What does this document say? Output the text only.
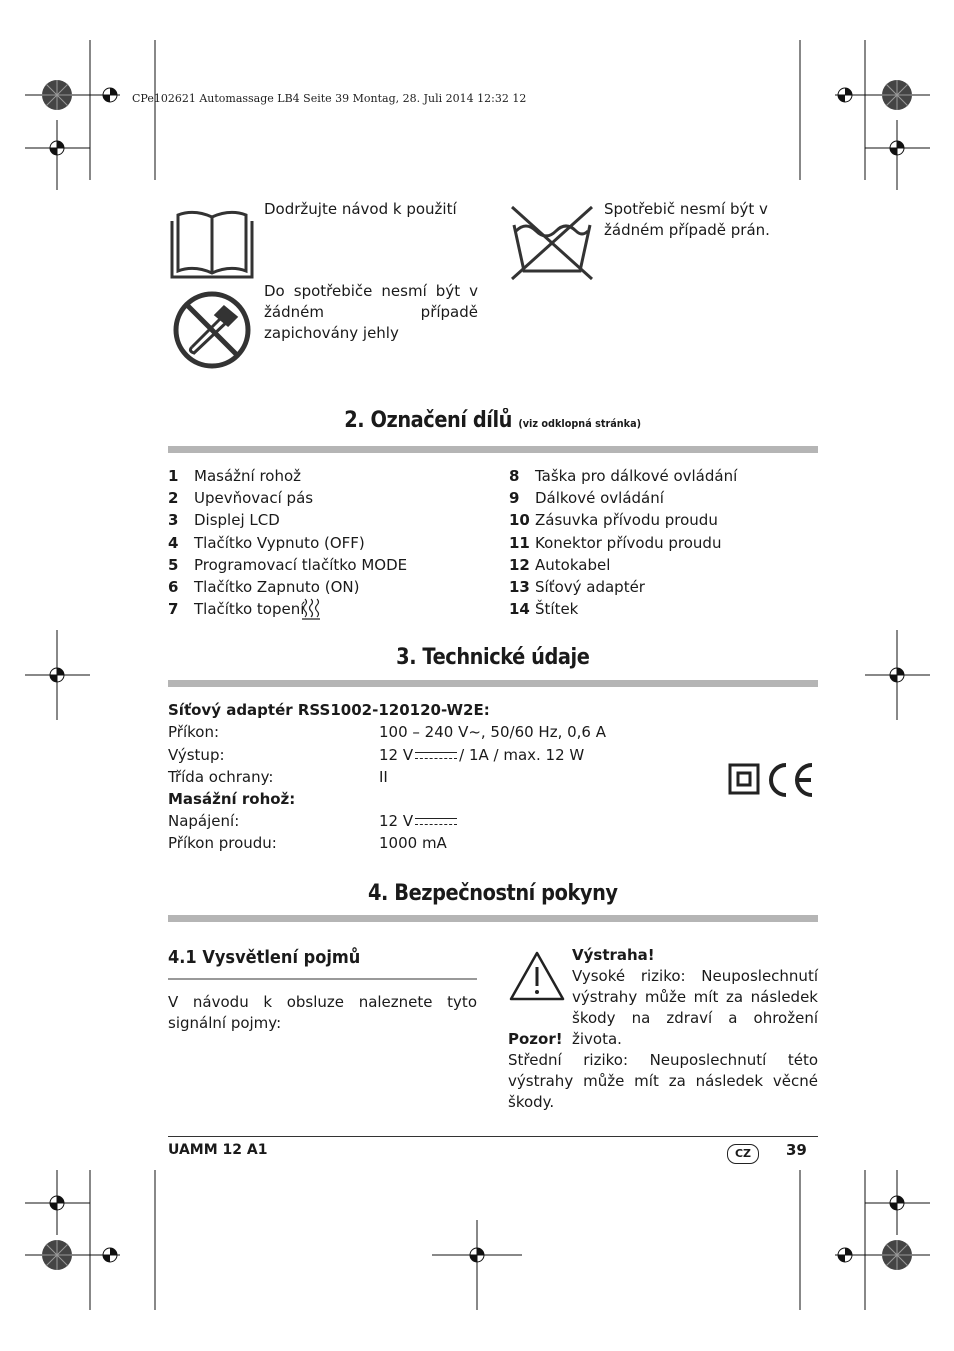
CPe102621 Automassage LB4 Seite 39 Montag, 28. Juli 2014 12:32 12
Dodržujte návod k použití	Spotřebič nesmí být v žádném případě prán.
Do spotřebiče nesmí být v žádném případě zapichovány jehly
2. Označení dílů (viz odklopná stránka)
1 Masážní rohož
2 Upevňovací pás
3 Displej LCD
4 Tlačítko Vypnuto (OFF)
5 Programovací tlačítko MODE
6 Tlačítko Zapnuto (ON)
7 Tlačítko topení
8 Taška pro dálkové ovládání
9 Dálkové ovládání
10 Zásuvka přívodu proudu
11 Konektor přívodu proudu
12 Autokabel
13 Síťový adaptér
14 Štítek
3. Technické údaje
Síťový adaptér RSS1002-120120-W2E:
Příkon:	100 – 240 V~, 50/60 Hz, 0,6 A
Výstup:	12 V	/ 1A / max. 12 W
Třída ochrany:	II
Masážní rohož:
Napájení:	12 V
Příkon proudu:	1000 mA
4. Bezpečnostní pokyny
4.1 Vysvětlení pojmů
V návodu k obsluze naleznete tyto signální pojmy:
Výstraha!
Vysoké riziko: Neuposlechnutí výstrahy může mít za následek škody na zdraví a ohrožení života.
Pozor!
Střední riziko: Neuposlechnutí této výstrahy může mít za následek věcné škody.
UAMM 12 A1	CZ	39
